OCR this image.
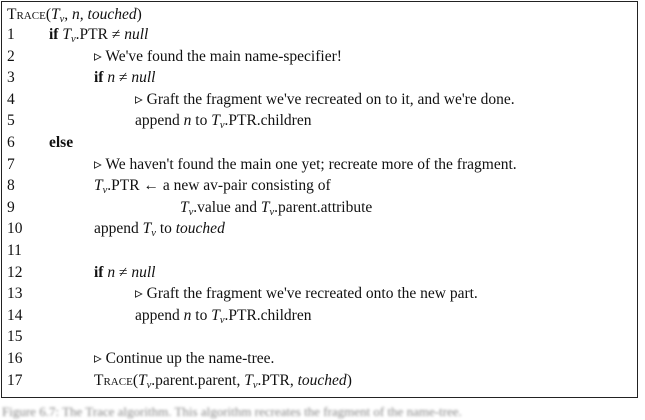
$Trace(T_v$, n, touched)
1 if $T_v.PTR$ ≠ null
2	▹ We've found the main name-specifier!
3	if n ≠ null
4	▹ Graft the fragment we've recreated on to it, and we're done.
5	append n to $T_v.PTR.children$
6 else
7	▹ We haven't found the main one yet; recreate more of the fragment.
8	$T_v.PTR$ ← a new av-pair consisting of
9	$T_v.value$ and $T_v.parent.attribute$
10	append $T_v$ to touched
11
12	if n ≠ null
13	▹ Graft the fragment we've recreated onto the new part.
14	append n to $T_v.PTR.children$
15
16	▹ Continue up the name-tree.
17	$Trace(T_v.parent.parent$, $T_v.PTR$, touched)
Figure 6.7: The Trace algorithm. This algorithm recreates the fragment of the name-tree.
